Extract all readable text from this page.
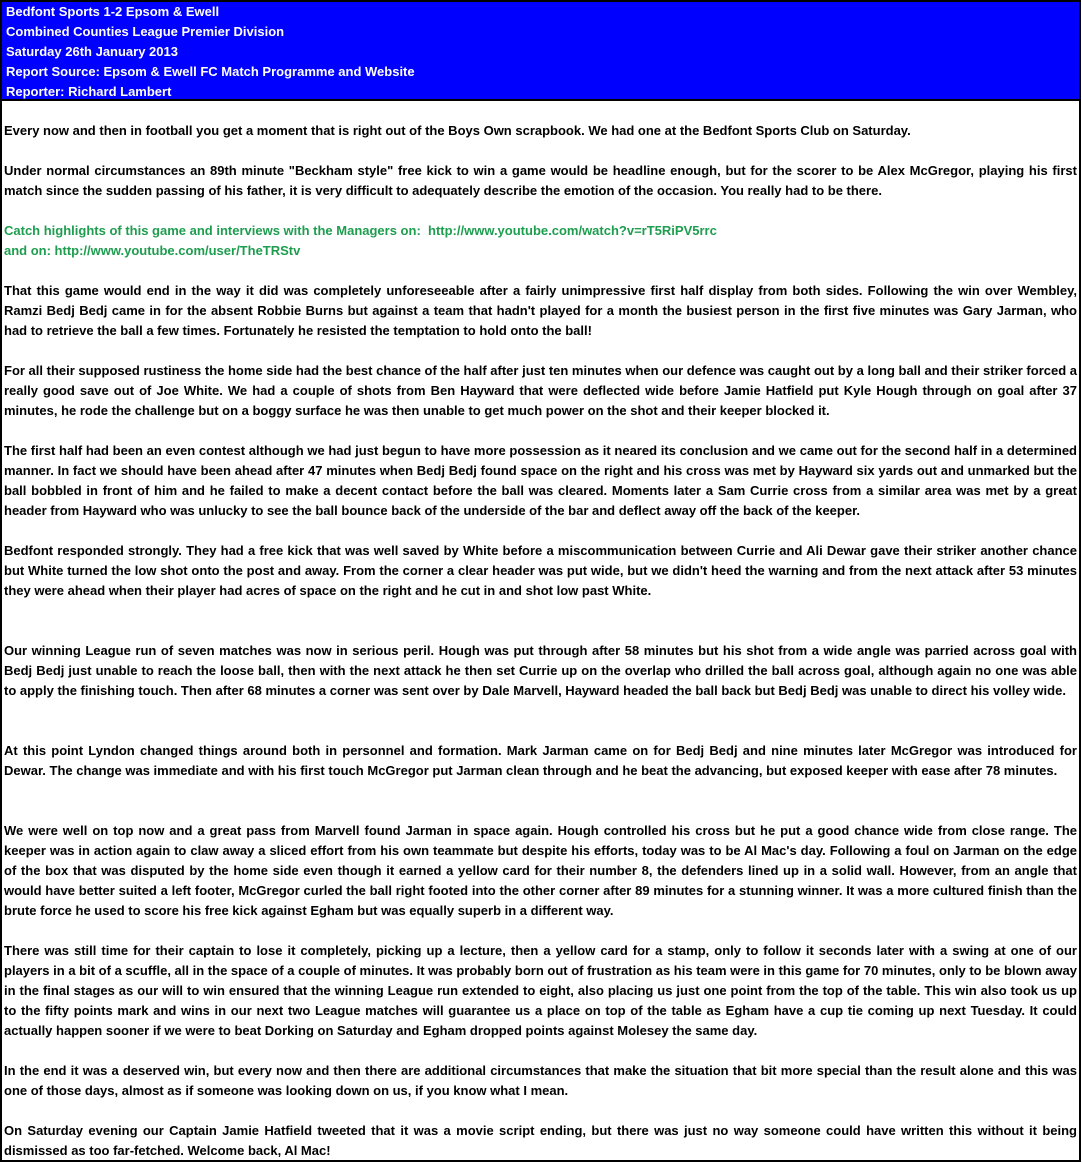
Bedfont Sports 1-2 Epsom & Ewell
Combined Counties League Premier Division
Saturday 26th January 2013
Report Source: Epsom & Ewell FC Match Programme and Website
Reporter: Richard Lambert

Every now and then in football you get a moment that is right out of the Boys Own scrapbook. We had one at the Bedfont Sports Club on Saturday.

Under normal circumstances an 89th minute "Beckham style" free kick to win a game would be headline enough, but for the scorer to be Alex McGregor, playing his first match since the sudden passing of his father, it is very difficult to adequately describe the emotion of the occasion. You really had to be there.

Catch highlights of this game and interviews with the Managers on:  http://www.youtube.com/watch?v=rT5RiPV5rrc
and on: http://www.youtube.com/user/TheTRStv

That this game would end in the way it did was completely unforeseeable after a fairly unimpressive first half display from both sides. Following the win over Wembley, Ramzi Bedj Bedj came in for the absent Robbie Burns but against a team that hadn't played for a month the busiest person in the first five minutes was Gary Jarman, who had to retrieve the ball a few times. Fortunately he resisted the temptation to hold onto the ball!

For all their supposed rustiness the home side had the best chance of the half after just ten minutes when our defence was caught out by a long ball and their striker forced a really good save out of Joe White. We had a couple of shots from Ben Hayward that were deflected wide before Jamie Hatfield put Kyle Hough through on goal after 37 minutes, he rode the challenge but on a boggy surface he was then unable to get much power on the shot and their keeper blocked it.

The first half had been an even contest although we had just begun to have more possession as it neared its conclusion and we came out for the second half in a determined manner. In fact we should have been ahead after 47 minutes when Bedj Bedj found space on the right and his cross was met by Hayward six yards out and unmarked but the ball bobbled in front of him and he failed to make a decent contact before the ball was cleared. Moments later a Sam Currie cross from a similar area was met by a great header from Hayward who was unlucky to see the ball bounce back of the underside of the bar and deflect away off the back of the keeper.

Bedfont responded strongly. They had a free kick that was well saved by White before a miscommunication between Currie and Ali Dewar gave their striker another chance but White turned the low shot onto the post and away. From the corner a clear header was put wide, but we didn't heed the warning and from the next attack after 53 minutes they were ahead when their player had acres of space on the right and he cut in and shot low past White.

Our winning League run of seven matches was now in serious peril. Hough was put through after 58 minutes but his shot from a wide angle was parried across goal with Bedj Bedj just unable to reach the loose ball, then with the next attack he then set Currie up on the overlap who drilled the ball across goal, although again no one was able to apply the finishing touch. Then after 68 minutes a corner was sent over by Dale Marvell, Hayward headed the ball back but Bedj Bedj was unable to direct his volley wide.

At this point Lyndon changed things around both in personnel and formation. Mark Jarman came on for Bedj Bedj and nine minutes later McGregor was introduced for Dewar. The change was immediate and with his first touch McGregor put Jarman clean through and he beat the advancing, but exposed keeper with ease after 78 minutes.

We were well on top now and a great pass from Marvell found Jarman in space again. Hough controlled his cross but he put a good chance wide from close range. The keeper was in action again to claw away a sliced effort from his own teammate but despite his efforts, today was to be Al Mac's day. Following a foul on Jarman on the edge of the box that was disputed by the home side even though it earned a yellow card for their number 8, the defenders lined up in a solid wall. However, from an angle that would have better suited a left footer, McGregor curled the ball right footed into the other corner after 89 minutes for a stunning winner. It was a more cultured finish than the brute force he used to score his free kick against Egham but was equally superb in a different way.

There was still time for their captain to lose it completely, picking up a lecture, then a yellow card for a stamp, only to follow it seconds later with a swing at one of our players in a bit of a scuffle, all in the space of a couple of minutes. It was probably born out of frustration as his team were in this game for 70 minutes, only to be blown away in the final stages as our will to win ensured that the winning League run extended to eight, also placing us just one point from the top of the table. This win also took us up to the fifty points mark and wins in our next two League matches will guarantee us a place on top of the table as Egham have a cup tie coming up next Tuesday. It could actually happen sooner if we were to beat Dorking on Saturday and Egham dropped points against Molesey the same day.

In the end it was a deserved win, but every now and then there are additional circumstances that make the situation that bit more special than the result alone and this was one of those days, almost as if someone was looking down on us, if you know what I mean.

On Saturday evening our Captain Jamie Hatfield tweeted that it was a movie script ending, but there was just no way someone could have written this without it being dismissed as too far-fetched. Welcome back, Al Mac!
